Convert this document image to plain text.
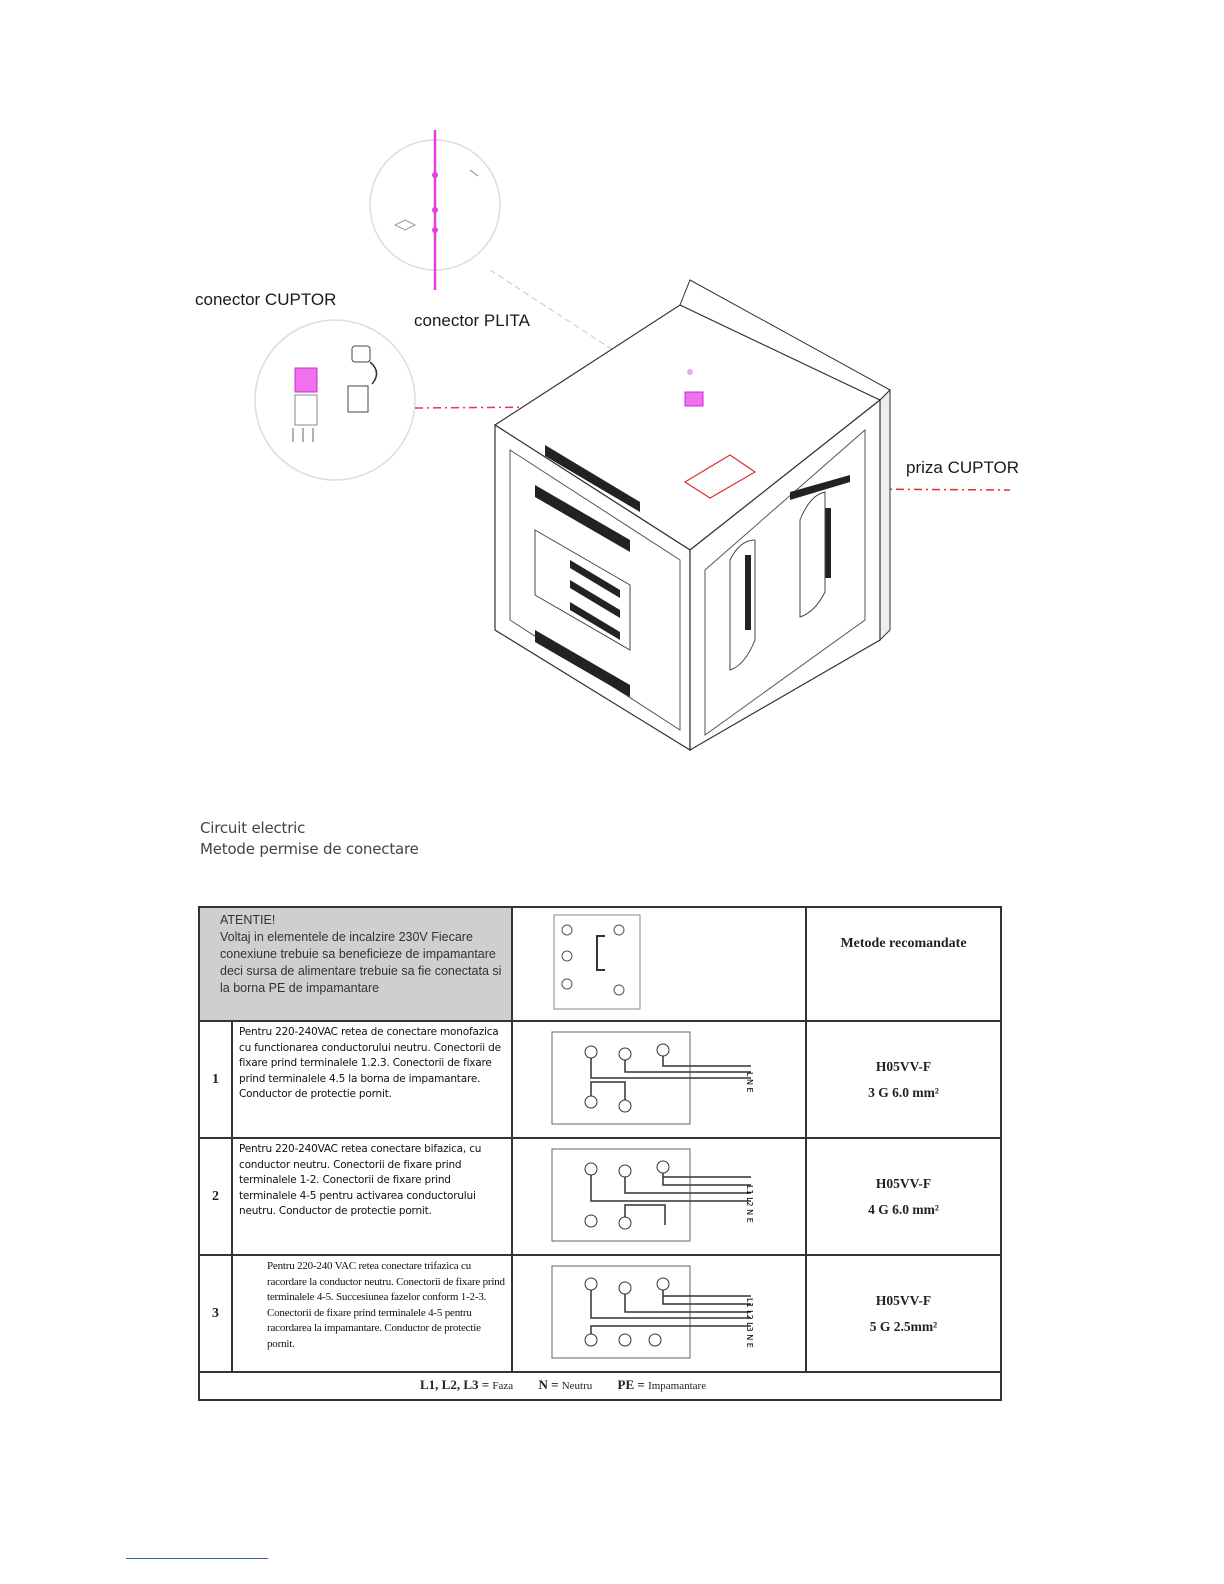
conector CUPTOR
conector PLITA
priza CUPTOR
Circuit electric
Metode permise de conectare
ATENTIE!
Voltaj in elementele de incalzire 230V Fiecare conexiune trebuie sa beneficieze de impamantare deci sursa de alimentare trebuie sa fie conectata si la borna PE de impamantare			Metode recomandate
1	Pentru 220-240VAC retea de conectare monofazica cu functionarea conductorului neutru. Conectorii de fixare prind terminalele 1.2.3. Conectorii de fixare prind terminalele 4.5 la borna de impamantare. Conductor de protectie pornit.	L N E	H05VV-F
3 G 6.0 mm²

2	Pentru 220-240VAC retea conectare bifazica, cu conductor neutru. Conectorii de fixare prind terminalele 1-2. Conectorii de fixare prind terminalele 4-5 pentru activarea conductorului neutru. Conductor de protectie pornit.	L1 L2 N E	H05VV-F
4 G 6.0 mm²

3	Pentru 220-240 VAC retea conectare trifazica cu racordare la conductor neutru. Conectorii de fixare prind terminalele 4-5. Succesiunea fazelor conform 1-2-3. Conectorii de fixare prind terminalele 4-5 pentru racordarea la impamantare. Conductor de protectie pornit.	L1 L2 L3 N E	H05VV-F
5 G 2.5mm²

L1, L2, L3 = Faza N = Neutru PE = Impamantare			
